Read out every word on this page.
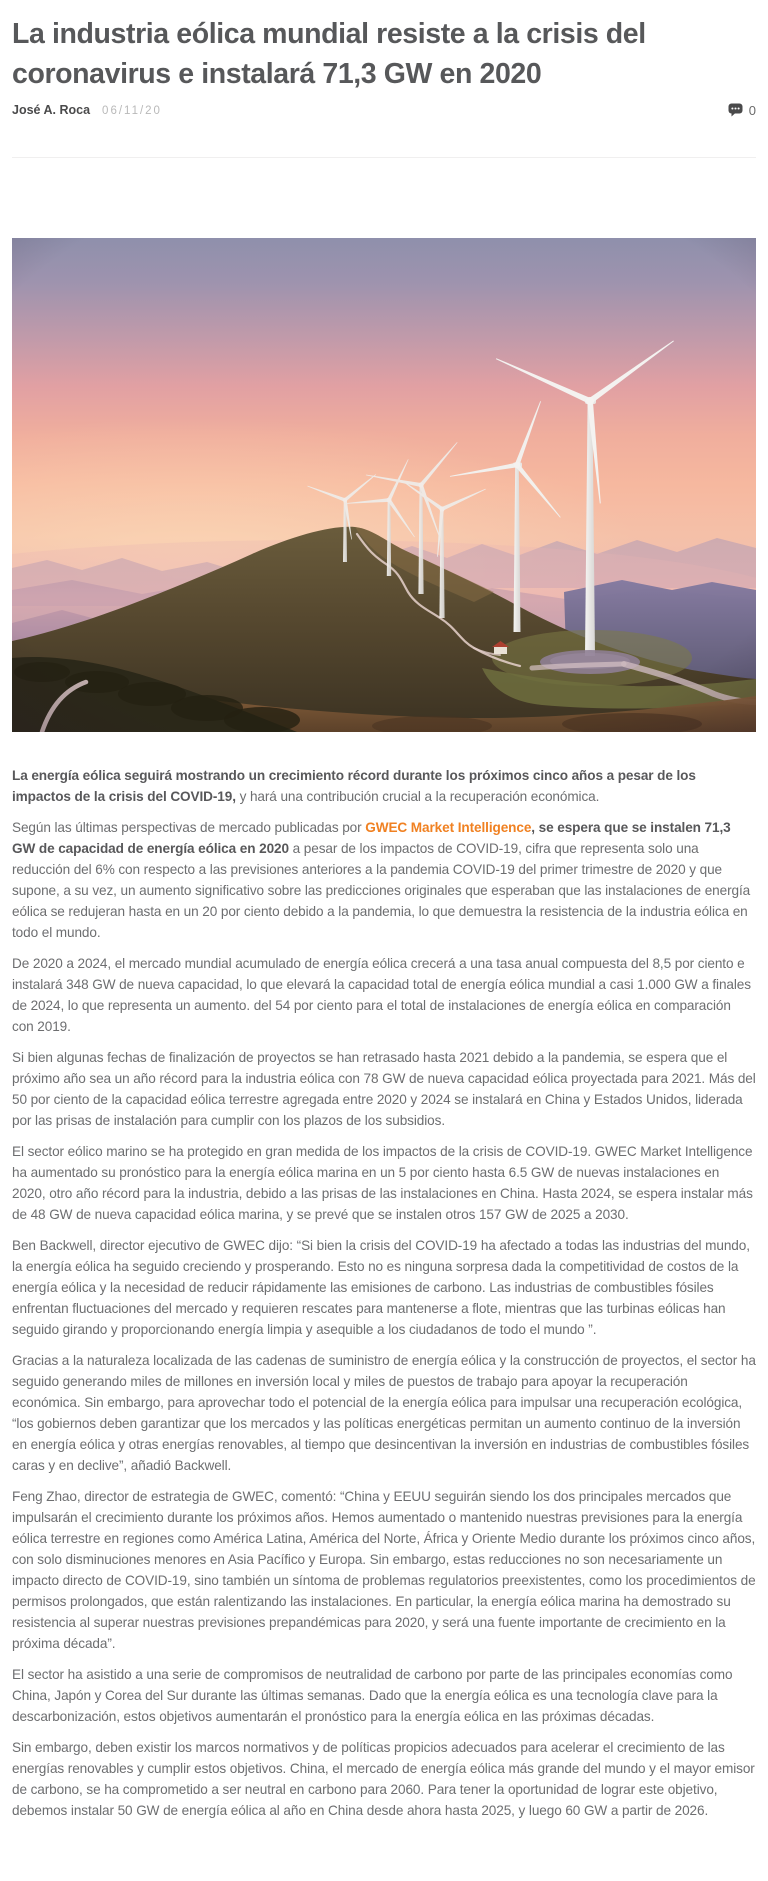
La industria eólica mundial resiste a la crisis del coronavirus e instalará 71,3 GW en 2020
José A. Roca 06/11/20	0

La energía eólica seguirá mostrando un crecimiento récord durante los próximos cinco años a pesar de los impactos de la crisis del COVID-19, y hará una contribución crucial a la recuperación económica.

Según las últimas perspectivas de mercado publicadas por GWEC Market Intelligence, se espera que se instalen 71,3 GW de capacidad de energía eólica en 2020 a pesar de los impactos de COVID-19, cifra que representa solo una reducción del 6% con respecto a las previsiones anteriores a la pandemia COVID-19 del primer trimestre de 2020 y que supone, a su vez, un aumento significativo sobre las predicciones originales que esperaban que las instalaciones de energía eólica se redujeran hasta en un 20 por ciento debido a la pandemia, lo que demuestra la resistencia de la industria eólica en todo el mundo.

De 2020 a 2024, el mercado mundial acumulado de energía eólica crecerá a una tasa anual compuesta del 8,5 por ciento e instalará 348 GW de nueva capacidad, lo que elevará la capacidad total de energía eólica mundial a casi 1.000 GW a finales de 2024, lo que representa un aumento. del 54 por ciento para el total de instalaciones de energía eólica en comparación con 2019.

Si bien algunas fechas de finalización de proyectos se han retrasado hasta 2021 debido a la pandemia, se espera que el próximo año sea un año récord para la industria eólica con 78 GW de nueva capacidad eólica proyectada para 2021. Más del 50 por ciento de la capacidad eólica terrestre agregada entre 2020 y 2024 se instalará en China y Estados Unidos, liderada por las prisas de instalación para cumplir con los plazos de los subsidios.

El sector eólico marino se ha protegido en gran medida de los impactos de la crisis de COVID-19. GWEC Market Intelligence ha aumentado su pronóstico para la energía eólica marina en un 5 por ciento hasta 6.5 GW de nuevas instalaciones en 2020, otro año récord para la industria, debido a las prisas de las instalaciones en China. Hasta 2024, se espera instalar más de 48 GW de nueva capacidad eólica marina, y se prevé que se instalen otros 157 GW de 2025 a 2030.

Ben Backwell, director ejecutivo de GWEC dijo: “Si bien la crisis del COVID-19 ha afectado a todas las industrias del mundo, la energía eólica ha seguido creciendo y prosperando. Esto no es ninguna sorpresa dada la competitividad de costos de la energía eólica y la necesidad de reducir rápidamente las emisiones de carbono. Las industrias de combustibles fósiles enfrentan fluctuaciones del mercado y requieren rescates para mantenerse a flote, mientras que las turbinas eólicas han seguido girando y proporcionando energía limpia y asequible a los ciudadanos de todo el mundo ”.

Gracias a la naturaleza localizada de las cadenas de suministro de energía eólica y la construcción de proyectos, el sector ha seguido generando miles de millones en inversión local y miles de puestos de trabajo para apoyar la recuperación económica. Sin embargo, para aprovechar todo el potencial de la energía eólica para impulsar una recuperación ecológica, “los gobiernos deben garantizar que los mercados y las políticas energéticas permitan un aumento continuo de la inversión en energía eólica y otras energías renovables, al tiempo que desincentivan la inversión en industrias de combustibles fósiles caras y en declive”, añadió Backwell.

Feng Zhao, director de estrategia de GWEC, comentó: “China y EEUU seguirán siendo los dos principales mercados que impulsarán el crecimiento durante los próximos años. Hemos aumentado o mantenido nuestras previsiones para la energía eólica terrestre en regiones como América Latina, América del Norte, África y Oriente Medio durante los próximos cinco años, con solo disminuciones menores en Asia Pacífico y Europa. Sin embargo, estas reducciones no son necesariamente un impacto directo de COVID-19, sino también un síntoma de problemas regulatorios preexistentes, como los procedimientos de permisos prolongados, que están ralentizando las instalaciones. En particular, la energía eólica marina ha demostrado su resistencia al superar nuestras previsiones prepandémicas para 2020, y será una fuente importante de crecimiento en la próxima década”.

El sector ha asistido a una serie de compromisos de neutralidad de carbono por parte de las principales economías como China, Japón y Corea del Sur durante las últimas semanas. Dado que la energía eólica es una tecnología clave para la descarbonización, estos objetivos aumentarán el pronóstico para la energía eólica en las próximas décadas.

Sin embargo, deben existir los marcos normativos y de políticas propicios adecuados para acelerar el crecimiento de las energías renovables y cumplir estos objetivos. China, el mercado de energía eólica más grande del mundo y el mayor emisor de carbono, se ha comprometido a ser neutral en carbono para 2060. Para tener la oportunidad de lograr este objetivo, debemos instalar 50 GW de energía eólica al año en China desde ahora hasta 2025, y luego 60 GW a partir de 2026.
